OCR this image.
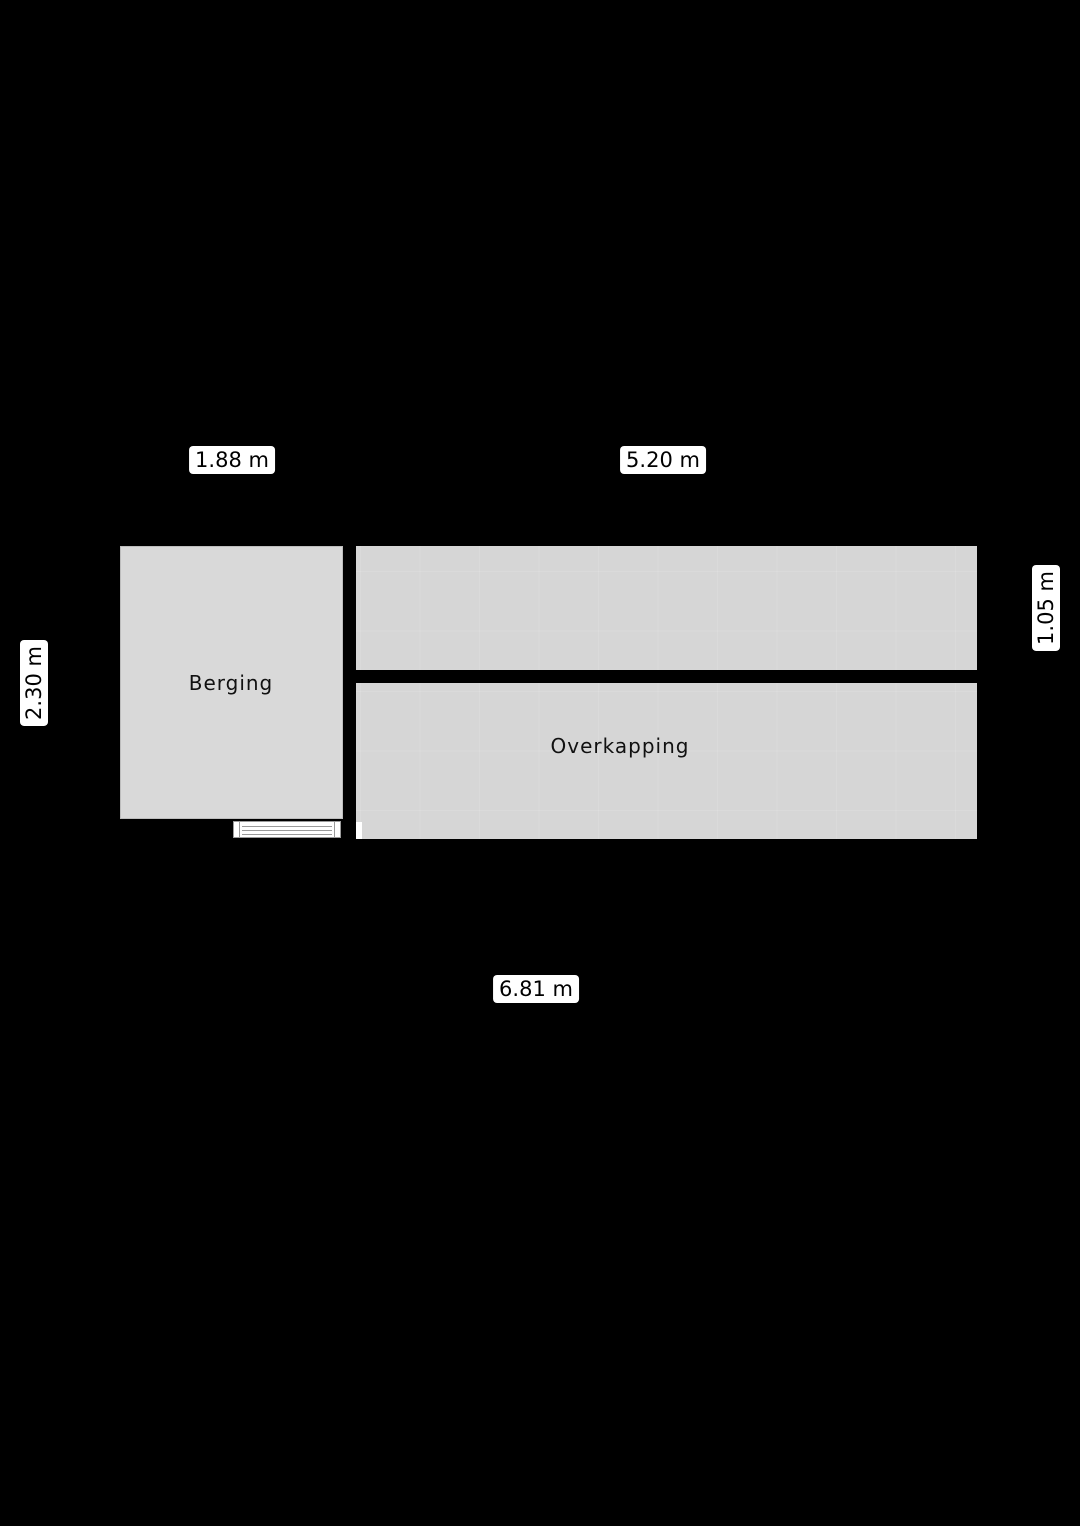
Berging
Overkapping
1.88 m	5.20 m
6.81 m
2.30 m
1.05 m
